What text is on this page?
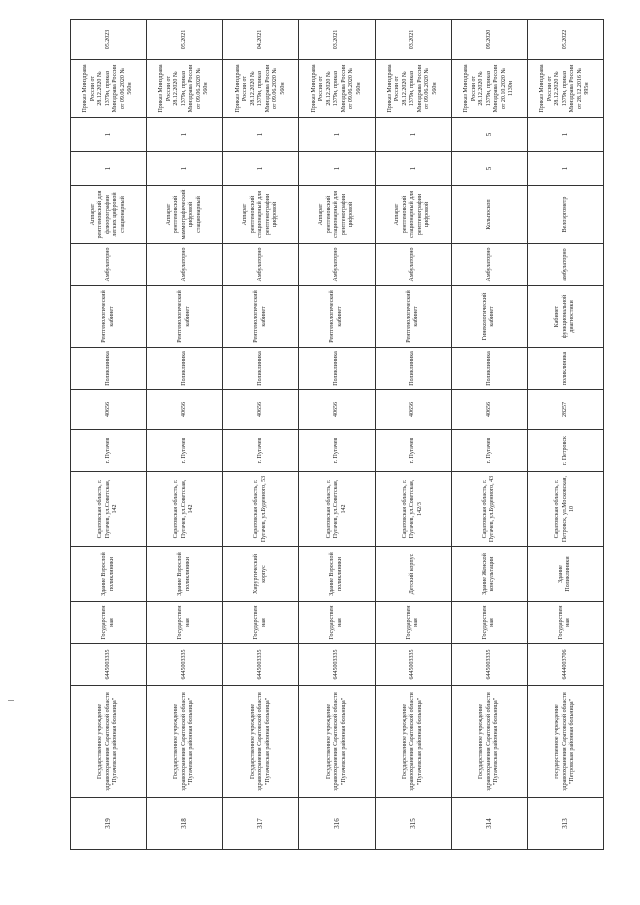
319	Государственное учреждение здравоохранения Саратовской области "Пугачевская районная больница"	6445003335	Государственная	Здание Взрослой поликлиники	Саратовская область, г. Пугачев, ул.Советская, 142	г. Пугачев	40656	Поликлиника	Рентгенологический кабинет	Амбулаторно	Аппарат рентгеновский для флюорографии легких цифровой стационарный	1	1	Приказ Минздрава России от 28.12.2020 № 1379н, приказ Минздрава России от 09.06.2020 № 560н	05.2023
318	Государственное учреждение здравоохранения Саратовской области "Пугачевская районная больница"	6445003335	Государственная	Здание Взрослой поликлиники	Саратовская область, г. Пугачев, ул.Советская, 142	г. Пугачев	40656	Поликлиника	Рентгенологический кабинет	Амбулаторно	Аппарат рентгеновский маммографический цифровой стационарный	1	1	Приказ Минздрава России от 28.12.2020 № 1379н, приказ Минздрава России от 09.06.2020 № 560н	05.2021
317	Государственное учреждение здравоохранения Саратовской области "Пугачевская районная больница"	6445003335	Государственная	Хирургический корпус	Саратовская область, г. Пугачев, ул.Буденного, 53	г. Пугачев	40656	Поликлиника	Рентгенологический кабинет	Амбулаторно	Аппарат рентгеновский стационарный для рентгенографии цифровой	1	1	Приказ Минздрава России от 28.12.2020 № 1379н, приказ Минздрава России от 09.06.2020 № 560н	04.2021
316	Государственное учреждение здравоохранения Саратовской области "Пугачевская районная больница"	6445003335	Государственная	Здание Взрослой поликлиники	Саратовская область, г. Пугачев, ул.Советская, 142	г. Пугачев	40656	Поликлиника	Рентгенологический кабинет	Амбулаторно	Аппарат рентгеновский стационарный для рентгенографии цифровой	1	1	Приказ Минздрава России от 28.12.2020 № 1379н, приказ Минздрава России от 09.06.2020 № 560н	03.2021
315	Государственное учреждение здравоохранения Саратовской области "Пугачевская районная больница"	6445003335	Государственная	Детский корпус	Саратовская область, г. Пугачев, ул.Советская, 142/3	г. Пугачев	40656	Поликлиника	Рентгенологический кабинет	Амбулаторно	Аппарат рентгеновский стационарный для рентгенографии цифровой	1	1	Приказ Минздрава России от 28.12.2020 № 1379н, приказ Минздрава России от 09.06.2020 № 560н	03.2021
314	Государственное учреждение здравоохранения Саратовской области "Пугачевская районная больница"	6445003335	Государственная	Здание Женской консультации	Саратовская область, г. Пугачев, ул.Буденного, 43	г. Пугачев	40656	Поликлиника	Гинекологический кабинет	Амбулаторно	Кольпоскоп	5	5	Приказ Минздрава России от 28.12.2020 № 1379н, приказ Минздрава России от 20.10.2020 № 1130н	09.2020
313	государственное учреждение здравоохранения Саратовской области "Петровская районная больница"	6444003706	Государственная	Здание Поликлиники	Саратовская область, г. Петровск, ул.Московская, 10	г. Петровск	28257	поликлиника	Кабинет функциональной диагностики	амбулаторно	Велоэргометр	1	1	Приказ Минздрава России от 28.12.2020 № 1379н, приказ Минздрава России от 28.12.2016 № 995н	05.2022
